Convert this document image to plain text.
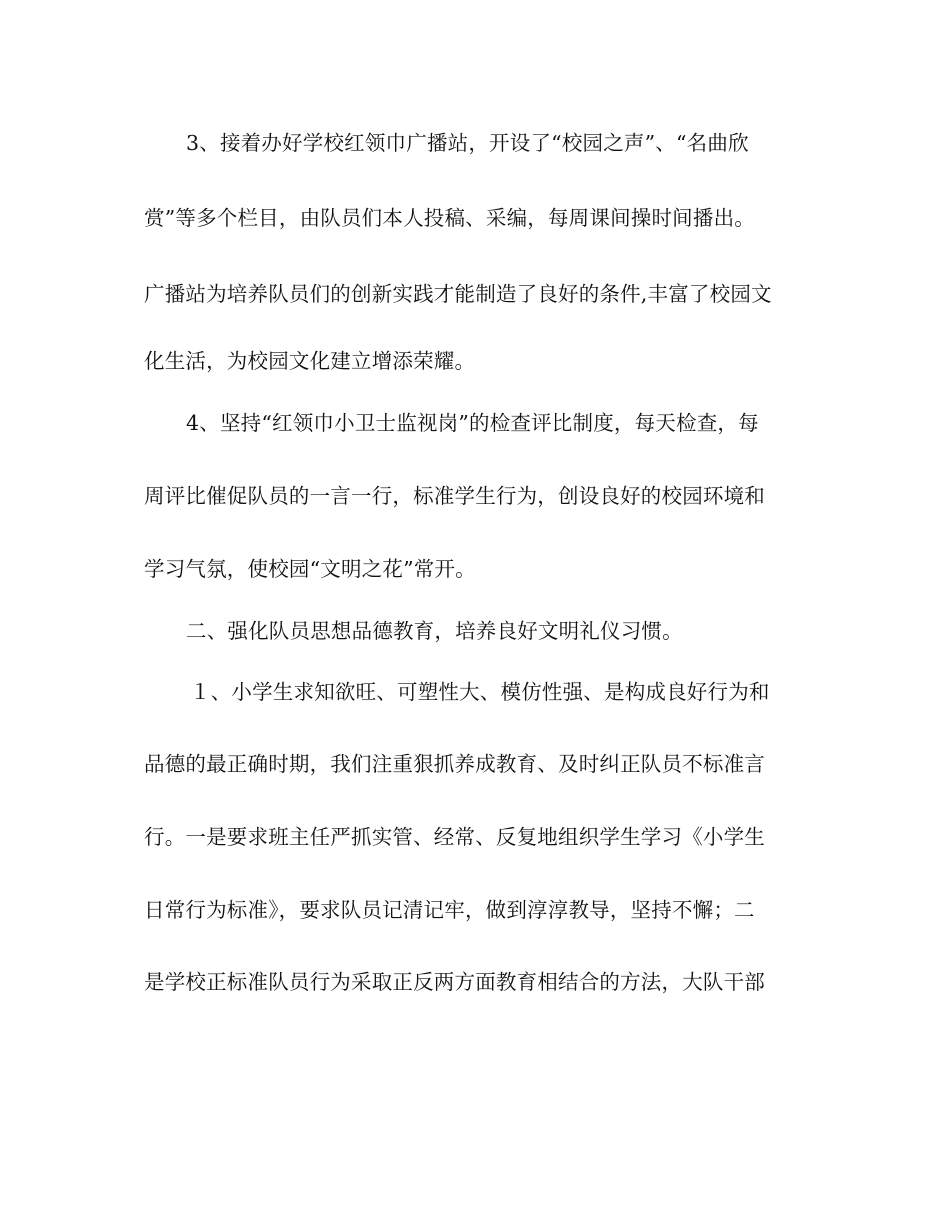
3、接着办好学校红领巾广播站，开设了“校园之声”、“名曲欣
赏”等多个栏目，由队员们本人投稿、采编，每周课间操时间播出。
广播站为培养队员们的创新实践才能制造了良好的条件,丰富了校园文
化生活，为校园文化建立增添荣耀。
4、坚持“红领巾小卫士监视岗”的检查评比制度，每天检查，每
周评比催促队员的一言一行，标准学生行为，创设良好的校园环境和
学习气氛，使校园“文明之花”常开。
二、强化队员思想品德教育，培养良好文明礼仪习惯。
１、小学生求知欲旺、可塑性大、模仿性强、是构成良好行为和
品德的最正确时期，我们注重狠抓养成教育、及时纠正队员不标准言
行。一是要求班主任严抓实管、经常、反复地组织学生学习《小学生
日常行为标准》，要求队员记清记牢，做到淳淳教导，坚持不懈；二
是学校正标准队员行为采取正反两方面教育相结合的方法，大队干部
